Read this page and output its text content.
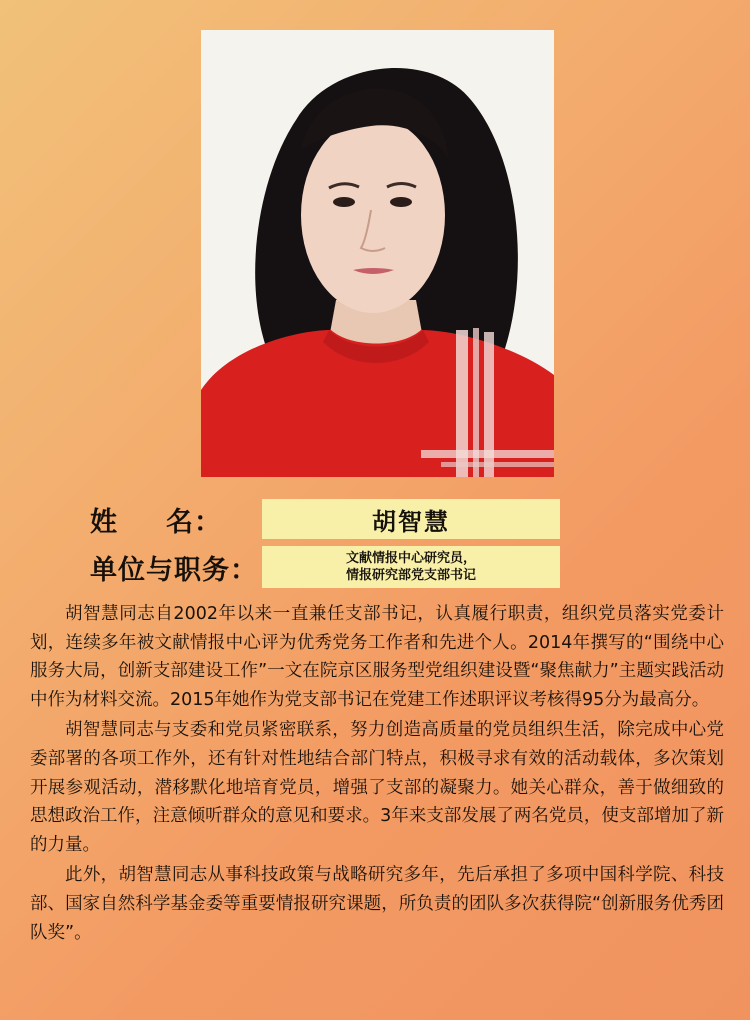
姓 名：	胡智慧
单位与职务：	文献情报中心研究员，
情报研究部党支部书记

胡智慧同志自2002年以来一直兼任支部书记，认真履行职责，组织党员落实党委计划，连续多年被文献情报中心评为优秀党务工作者和先进个人。2014年撰写的“围绕中心服务大局，创新支部建设工作”一文在院京区服务型党组织建设暨“聚焦献力”主题实践活动中作为材料交流。2015年她作为党支部书记在党建工作述职评议考核得95分为最高分。

胡智慧同志与支委和党员紧密联系，努力创造高质量的党员组织生活，除完成中心党委部署的各项工作外，还有针对性地结合部门特点，积极寻求有效的活动载体，多次策划开展参观活动，潜移默化地培育党员，增强了支部的凝聚力。她关心群众，善于做细致的思想政治工作，注意倾听群众的意见和要求。3年来支部发展了两名党员，使支部增加了新的力量。

此外，胡智慧同志从事科技政策与战略研究多年，先后承担了多项中国科学院、科技部、国家自然科学基金委等重要情报研究课题，所负责的团队多次获得院“创新服务优秀团队奖”。
